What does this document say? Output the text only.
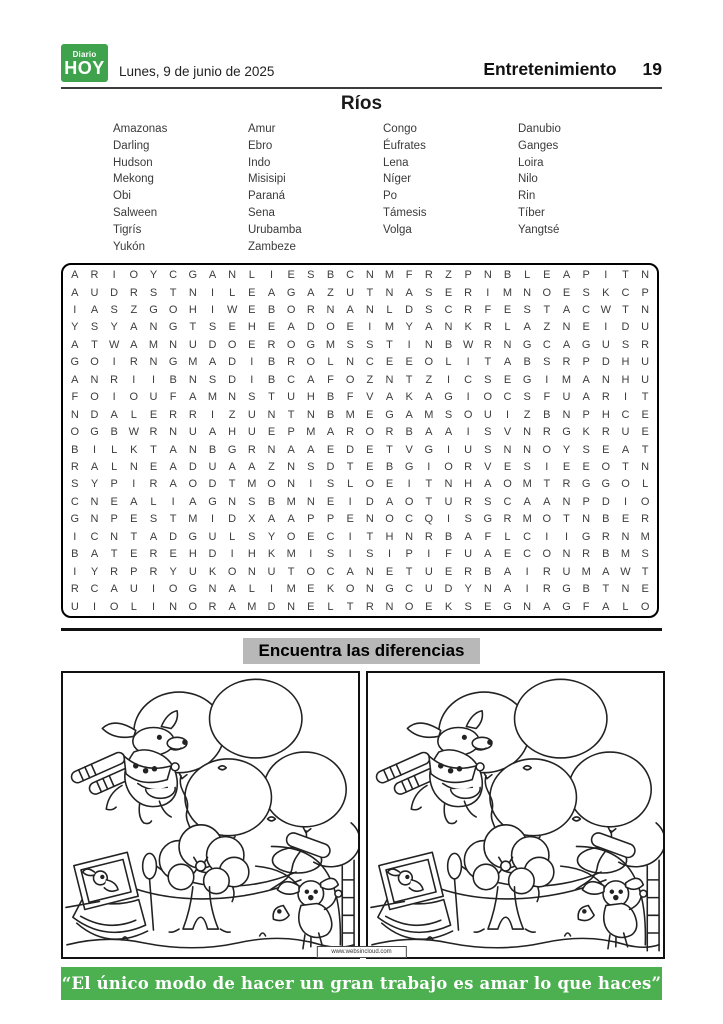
Diario
HOY Lunes, 9 de junio de 2025	Entretenimiento 19
Ríos
Amazonas
Darling
Hudson
Mekong
Obi
Salween
Tigrís
Yukón
Amur
Ebro
Indo
Misisipi
Paraná
Sena
Urubamba
Zambeze
Congo
Éufrates
Lena
Níger
Po
Támesis
Volga
Danubio
Ganges
Loira
Nilo
Rin
Tíber
Yangtsé
A	R	I	O	Y	C	G	A	N	L	I	E	S	B	C	N	M	F	R	Z	P	N	B	L	E	A	P	I	T	N
A	U	D	R	S	T	N	I	L	E	A	G	A	Z	U	T	N	A	S	E	R	I	M	N	O	E	S	K	C	P
I	A	S	Z	G	O	H	I	W E	B	O	R	N	A	N	L	D	S	C	R	F	E	S	T	A	C W	T	N
Y	S	Y	A	N	G	T	S	E	H	E	A	D	O	E	I	M	Y	A	N	K	R	L	A	Z	N	E	I	D	U
A	T	W A	M	N	U	D	O	E	R	O	G M	S	S	T	I	N	B W R	N	G	C	A	G	U	S	R
G	O	I	R	N	G M	A	D	I	B	R	O	L	N	C	E	E	O	L	I	T	A	B	S	R	P	D	H	U
A	N	R	I	I	B	N	S	D	I	B	C	A	F	O	Z	N	T	Z	I	C	S	E	G	I	M	A	N	H	U
F	O	I	O	U	F	A	M	N	S	T	U	H	B	F	V	A	K	A	G	I	O	C	S	F	U	A	R	I	T
N	D	A	L	E	R	R	I	Z	U	N	T	N	B	M	E	G	A	M	S	O	U	I	Z	B	N	P	H	C	E
O	G	B W R	N	U	A	H	U	E	P	M	A	R	O	R	B	A	A	I	S	V	N	R	G	K	R	U	E
B	I	L	K	T	A	N	B	G	R	N	A	A	E	D	E	T	V	G	I	U	S	N	N	O	Y	S	E	A	T
R	A	L	N	E	A	D	U	A	A	Z	N	S	D	T	E	B	G	I	O	R	V	E	S	I	E	E	O	T	N
S	Y	P	I	R	A	O	D	T	M O	N	I	S	L	O	E	I	T	N	H	A	O M	T	R	G	G	O	L
C	N	E	A	L	I	A	G	N	S	B	M	N	E	I	D	A	O	T	U	R	S	C	A	A	N	P	D	I	O
G	N	P	E	S	T	M	I	D	X	A	A	P	P	E	N	O	C	Q	I	S	G	R	M O	T	N	B	E	R
I	C	N	T	A	D	G	U	L	S	Y	O	E	C	I	T	H	N	R	B	A	F	L	C	I	I	G	R	N	M
B	A	T	E	R	E	H	D	I	H	K	M	I	S	I	S	I	P	I	F	U	A	E	C	O	N	R	B	M	S
I	Y	R	P	R	Y	U	K	O	N	U	T	O	C	A	N	E	T	U	E	R	B	A	I	R	U	M	A W	T
R	C	A	U	I	O	G	N	A	L	I	M	E	K	O	N	G	C	U	D	Y	N	A	I	R	G	B	T	N	E
U	I	O	L	I	N	O	R	A	M	D	N	E	L	T	R	N	O	E	K	S	E	G	N	A	G	F	A	L	O
Encuentra las diferencias
www.websincloud.com
“El único modo de hacer un gran trabajo es amar lo que haces”
